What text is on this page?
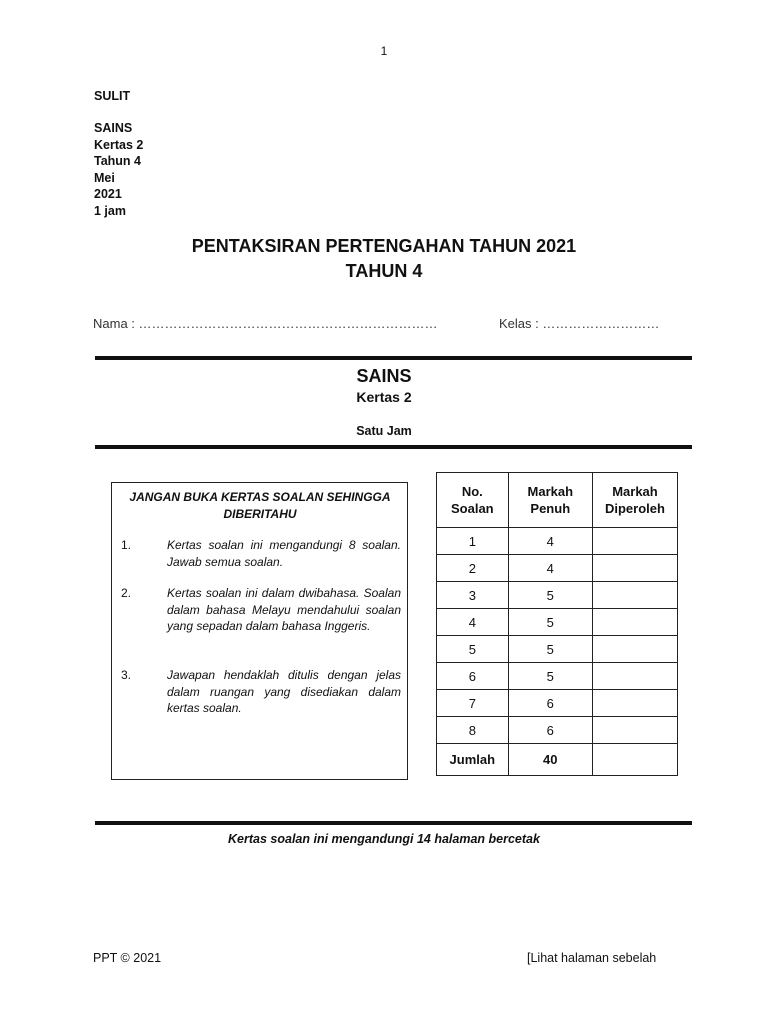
1
SULIT
SAINS
Kertas 2
Tahun 4
Mei
2021
1 jam
PENTAKSIRAN PERTENGAHAN TAHUN 2021
TAHUN 4
Nama : ……………………………………………………………	Kelas : ………………………
SAINS
Kertas 2
Satu Jam
JANGAN BUKA KERTAS SOALAN SEHINGGA DIBERITAHU
1.	Kertas soalan ini mengandungi 8 soalan. Jawab semua soalan.
2.	Kertas soalan ini dalam dwibahasa. Soalan dalam bahasa Melayu mendahului soalan yang sepadan dalam bahasa Inggeris.
3.	Jawapan hendaklah ditulis dengan jelas dalam ruangan yang disediakan dalam kertas soalan.
No. Soalan	Markah Penuh	Markah Diperoleh
1	4	
2	4	
3	5	
4	5	
5	5	
6	5	
7	6	
8	6	
Jumlah	40	
Kertas soalan ini mengandungi 14 halaman bercetak
PPT © 2021	[Lihat halaman sebelah
